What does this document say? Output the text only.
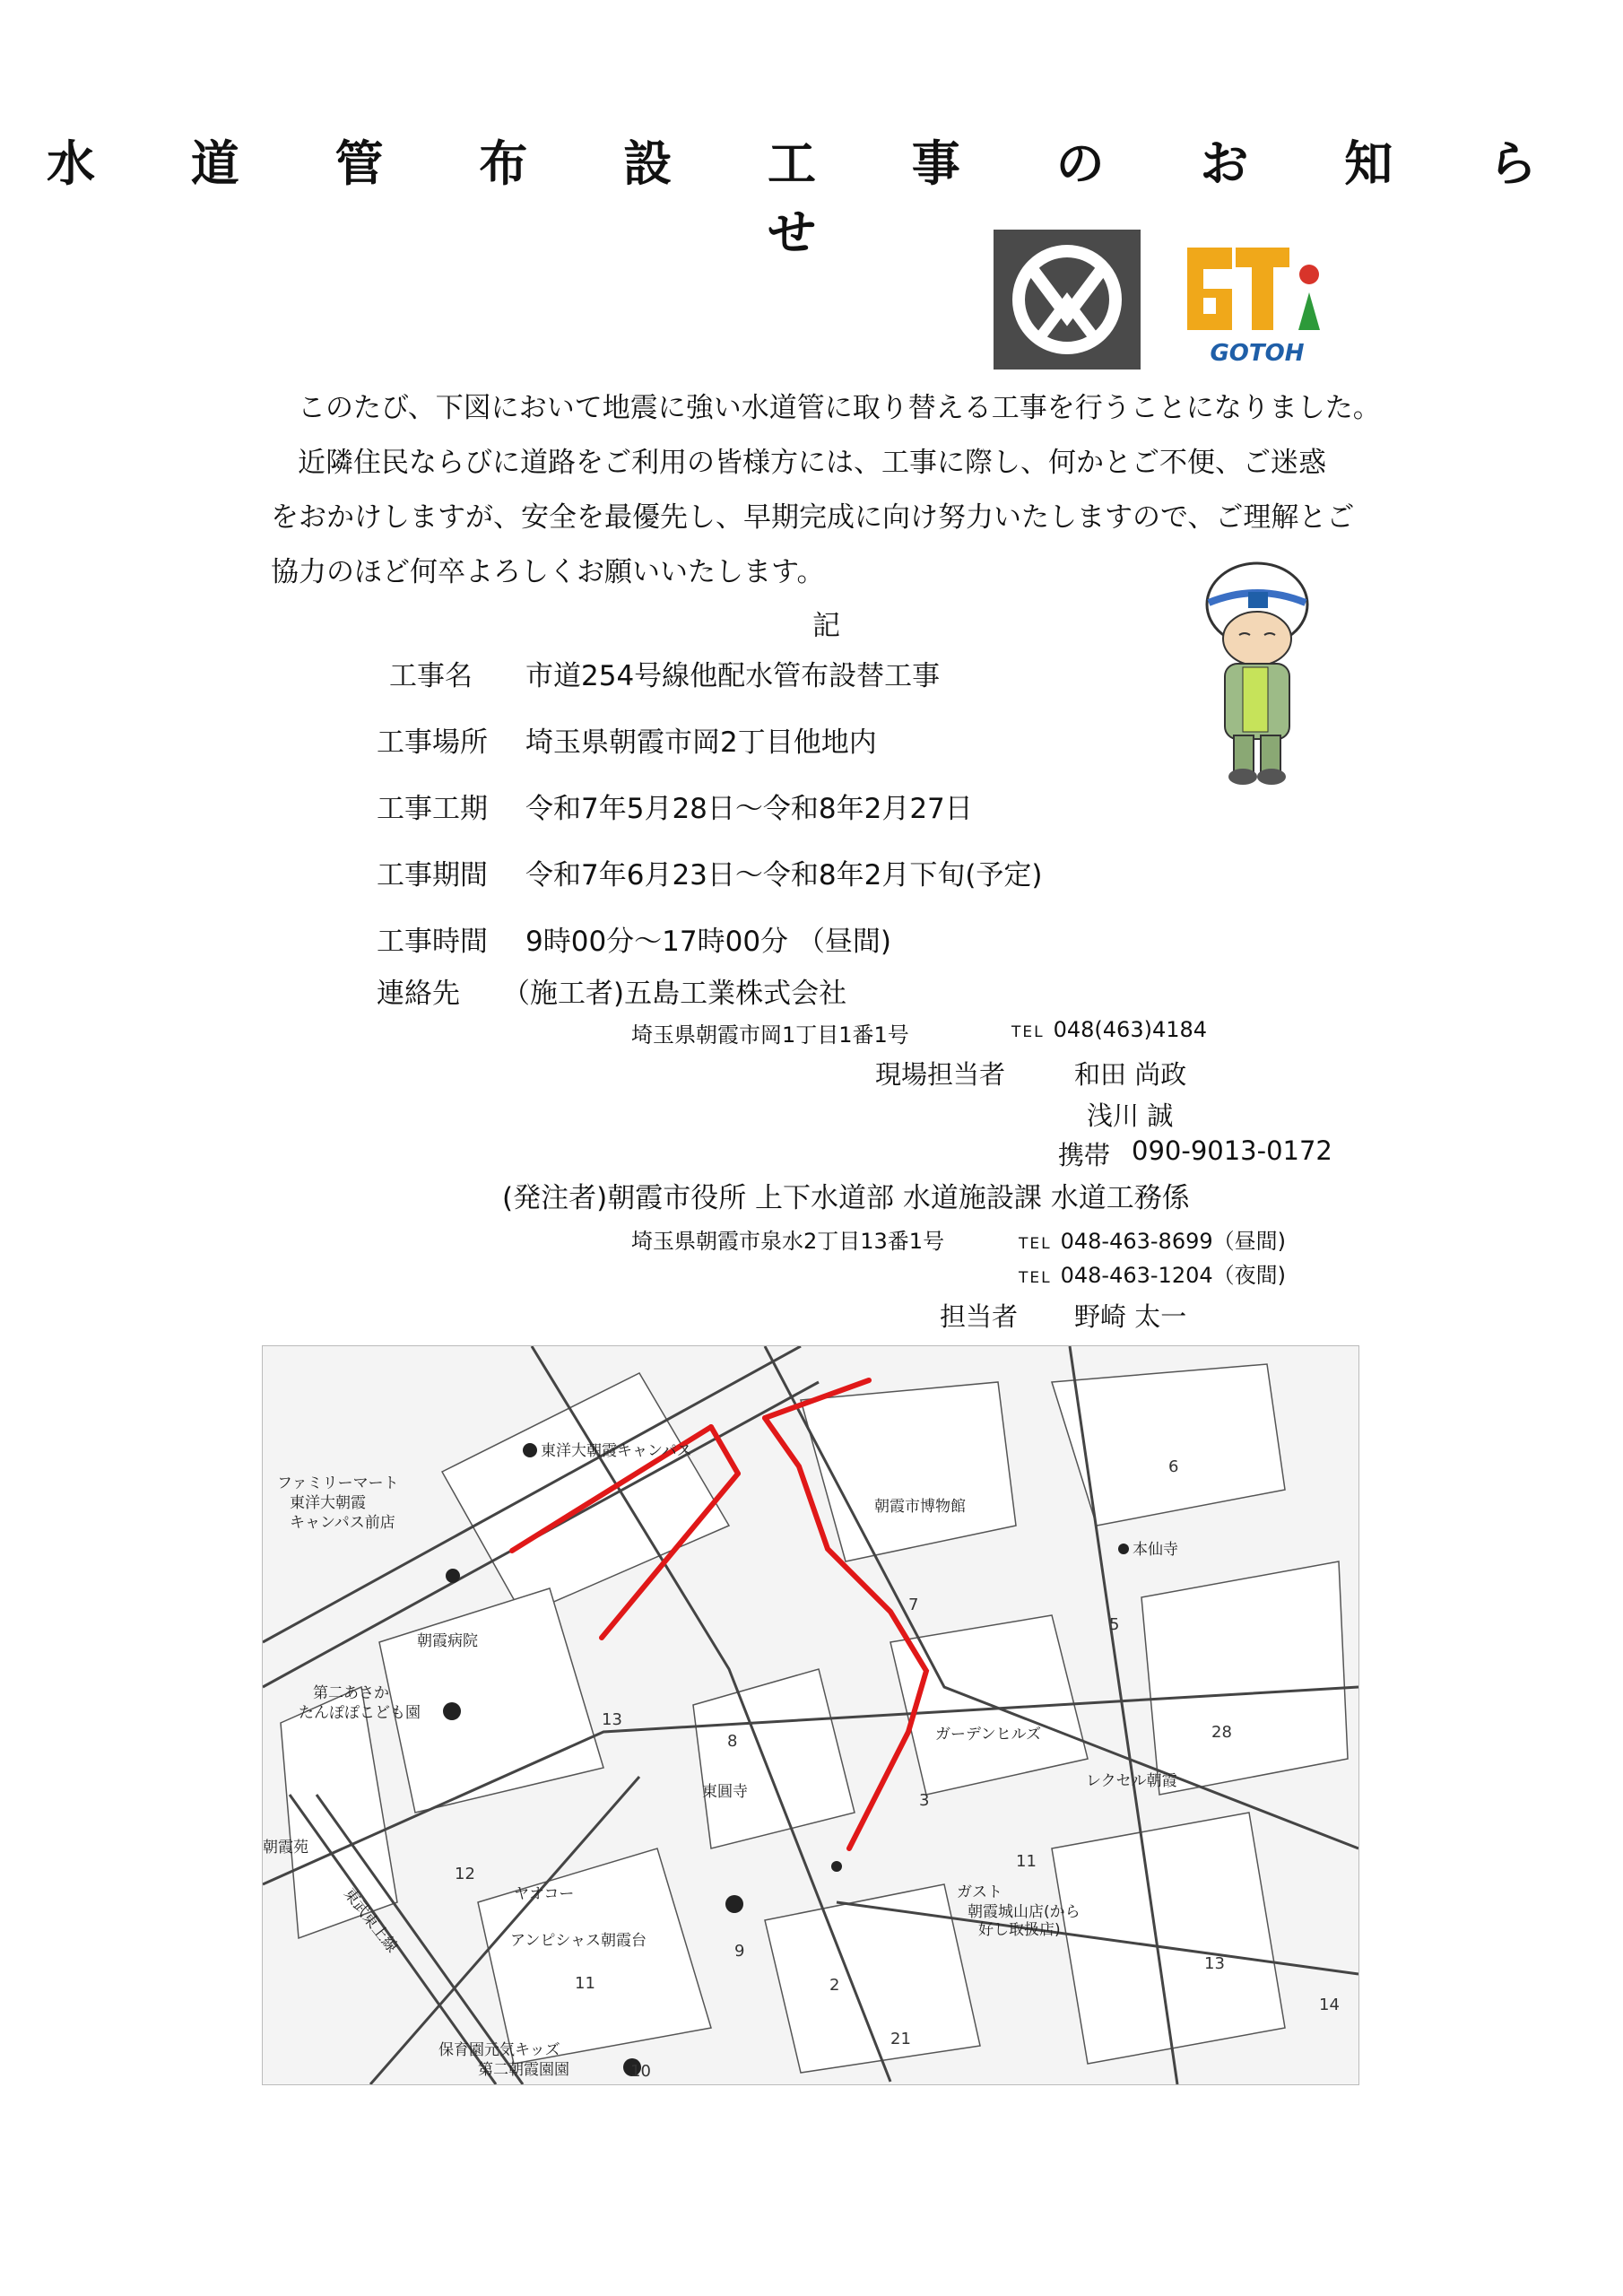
水 道 管 布 設 工 事 の お 知 ら せ
GOTOH
このたび、下図において地震に強い水道管に取り替える工事を行うことになりました。
近隣住民ならびに道路をご利用の皆様方には、工事に際し、何かとご不便、ご迷惑
をおかけしますが、安全を最優先し、早期完成に向け努力いたしますので、ご理解とご
協力のほど何卒よろしくお願いいたします。
記
工事名 市道254号線他配水管布設替工事
工事場所 埼玉県朝霞市岡2丁目他地内
工事工期 令和7年5月28日～令和8年2月27日
工事期間 令和7年6月23日～令和8年2月下旬(予定)
工事時間 9時00分～17時00分 （昼間)
連絡先 （施工者)五島工業株式会社
埼玉県朝霞市岡1丁目1番1号	TEL 048(463)4184
現場担当者	和田 尚政
浅川 誠
携帯 090-9013-0172
(発注者)朝霞市役所 上下水道部 水道施設課 水道工務係
埼玉県朝霞市泉水2丁目13番1号	TEL 048-463-8699（昼間)
TEL 048-463-1204（夜間)
担当者 野崎 太一
東洋大朝霞キャンパス
ファミリーマート
東洋大朝霞
キャンパス前店
朝霞市博物館
本仙寺
朝霞病院
第二あさか
たんぽぽこども園
ガーデンヒルズ
東圓寺
レクセル朝霞
朝霞苑
ヤオコー
アンピシャス朝霞台
ガスト
朝霞城山店(から
好し取扱店)
保育園元気キッズ
第二朝霞園園
東武東上線
6
5
7
13
8
3
28
11
12
9
2
13
14
11
21
10
